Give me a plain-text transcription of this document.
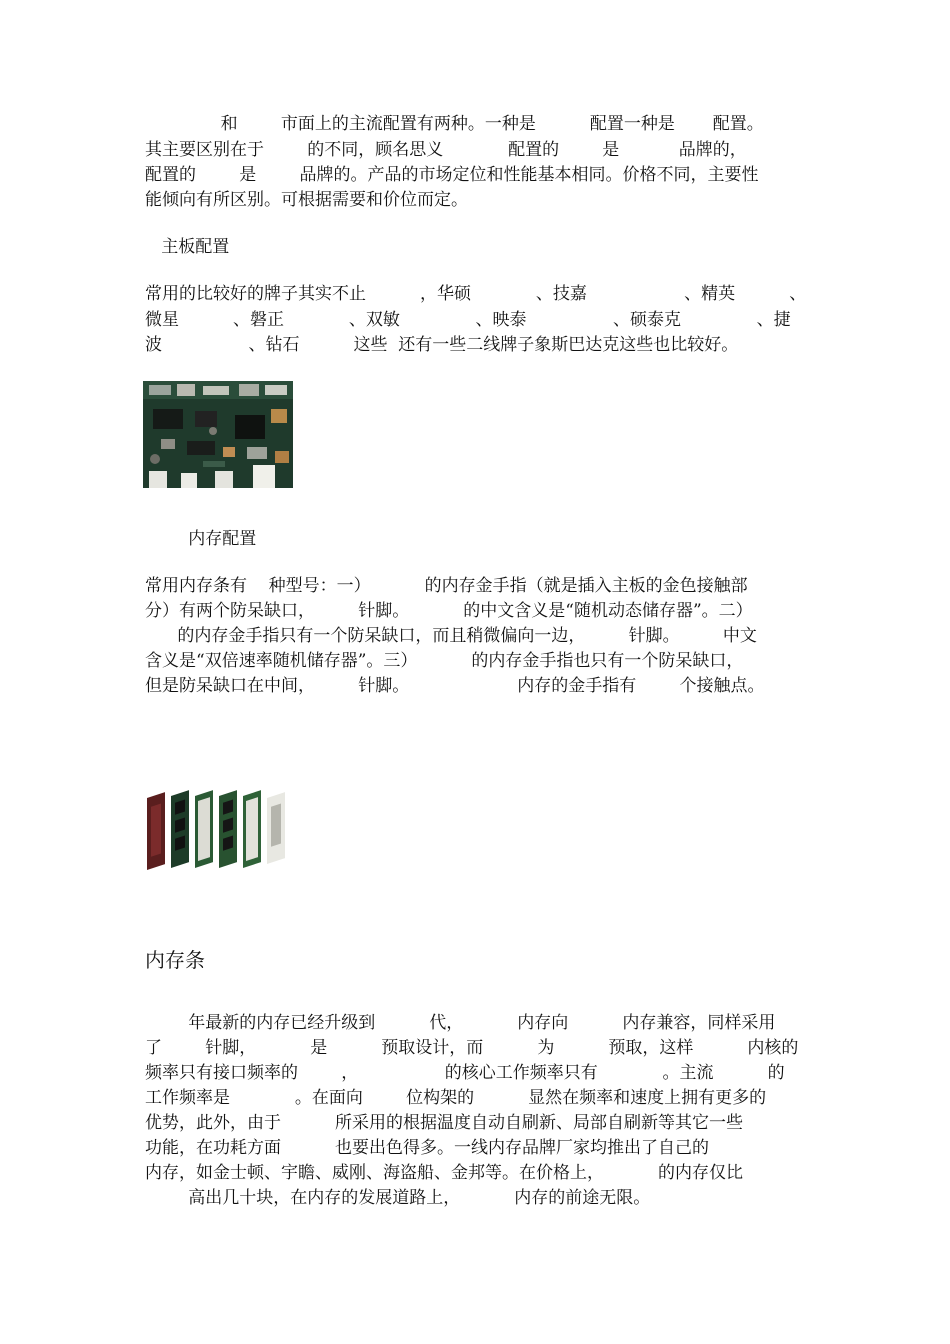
和        市面上的主流配置有两种。一种是          配置一种是       配置。
其主要区别在于        的不同，顾名思义            配置的        是           品牌的，
配置的        是        品牌的。产品的市场定位和性能基本相同。价格不同，主要性
能倾向有所区别。可根据需要和价位而定。
主板配置
常用的比较好的牌子其实不止          ，华硕            、技嘉                  、精英          、
微星          、磐正            、双敏              、映泰                、硕泰克              、捷
波                、钻石          这些  还有一些二线牌子象斯巴达克这些也比较好。
内存配置
常用内存条有    种型号：一）          的内存金手指（就是插入主板的金色接触部
分）有两个防呆缺口，        针脚。          的中文含义是“随机动态储存器”。二）
的内存金手指只有一个防呆缺口，而且稍微偏向一边，        针脚。        中文
含义是“双倍速率随机储存器”。三）          的内存金手指也只有一个防呆缺口，
但是防呆缺口在中间，        针脚。                    内存的金手指有        个接触点。
内存条
年最新的内存已经升级到          代，          内存向          内存兼容，同样采用
了        针脚，          是          预取设计，而          为          预取，这样          内核的
频率只有接口频率的        ，                的核心工作频率只有            。主流          的
工作频率是            。在面向        位构架的          显然在频率和速度上拥有更多的
优势，此外，由于          所采用的根据温度自动自刷新、局部自刷新等其它一些
功能，在功耗方面          也要出色得多。一线内存品牌厂家均推出了自己的
内存，如金士顿、宇瞻、威刚、海盗船、金邦等。在价格上，          的内存仅比
高出几十块，在内存的发展道路上，          内存的前途无限。
